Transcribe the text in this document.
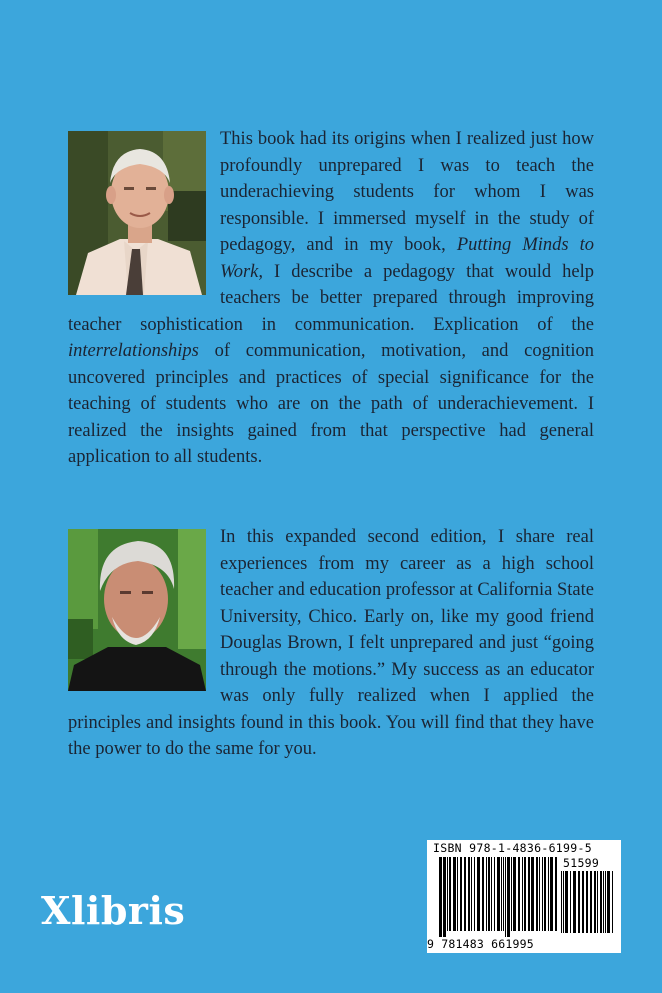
This book had its origins when I realized just how profoundly unprepared I was to teach the underachieving students for whom I was responsible. I immersed myself in the study of pedagogy, and in my book, Putting Minds to Work, I describe a pedagogy that would help teachers be better prepared through improving teacher sophistication in communication. Explication of the interrelationships of communication, motivation, and cognition uncovered principles and practices of special significance for the teaching of students who are on the path of underachievement. I realized the insights gained from that perspective had general application to all students.

In this expanded second edition, I share real experiences from my career as a high school teacher and education professor at California State University, Chico. Early on, like my good friend Douglas Brown, I felt unprepared and just “going through the motions.” My success as an educator was only fully realized when I applied the principles and insights found in this book. You will find that they have the power to do the same for you.

Xlibris
ISBN 978-1-4836-6199-5
51599
9 781483 661995
